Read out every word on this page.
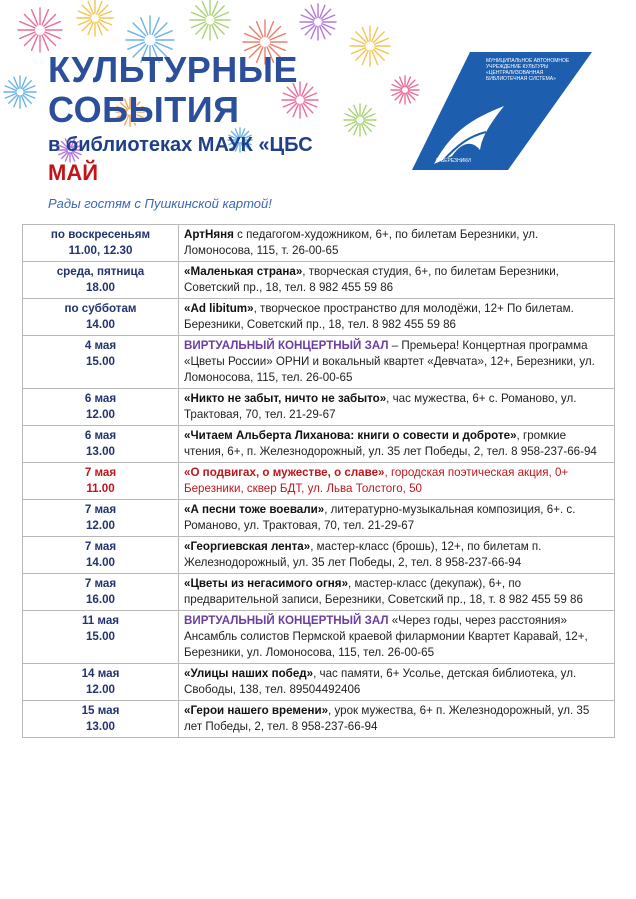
КУЛЬТУРНЫЕ
СОБЫТИЯ
в библиотеках МАУК «ЦБС
МАЙ
Рады гостям с Пушкинской картой!
МУНИЦИПАЛЬНОЕ АВТОНОМНОЕ УЧРЕЖДЕНИЕ КУЛЬТУРЫ «ЦЕНТРАЛИЗОВАННАЯ БИБЛИОТЕЧНАЯ СИСТЕМА»
Г. БЕРЕЗНИКИ
по воскресеньям
11.00, 12.30	АртНяня с педагогом-художником, 6+, по билетам Березники, ул. Ломоносова, 115, т. 26-00-65

среда, пятница
18.00	«Маленькая страна», творческая студия, 6+, по билетам Березники, Советский пр., 18, тел. 8 982 455 59 86

по субботам
14.00	«Ad libitum», творческое пространство для молодёжи, 12+ По билетам. Березники, Советский пр., 18, тел. 8 982 455 59 86

4 мая
15.00	ВИРТУАЛЬНЫЙ КОНЦЕРТНЫЙ ЗАЛ – Премьера! Концертная программа «Цветы России» ОРНИ и вокальный квартет «Девчата», 12+, Березники, ул. Ломоносова, 115, тел. 26-00-65

6 мая
12.00	«Никто не забыт, ничто не забыто», час мужества, 6+ с. Романово, ул. Трактовая, 70, тел. 21-29-67

6 мая
13.00	«Читаем Альберта Лиханова: книги о совести и доброте», громкие чтения, 6+, п. Железнодорожный, ул. 35 лет Победы, 2, тел. 8 958-237-66-94

7 мая
11.00	«О подвигах, о мужестве, о славе», городская поэтическая акция, 0+ Березники, сквер БДТ, ул. Льва Толстого, 50

7 мая
12.00	«А песни тоже воевали», литературно-музыкальная композиция, 6+. с. Романово, ул. Трактовая, 70, тел. 21-29-67

7 мая
14.00	«Георгиевская лента», мастер-класс (брошь), 12+, по билетам п. Железнодорожный, ул. 35 лет Победы, 2, тел. 8 958-237-66-94

7 мая
16.00	«Цветы из негасимого огня», мастер-класс (декупаж), 6+, по предварительной записи, Березники, Советский пр., 18, т. 8 982 455 59 86

11 мая
15.00	ВИРТУАЛЬНЫЙ КОНЦЕРТНЫЙ ЗАЛ «Через годы, через расстояния» Ансамбль солистов Пермской краевой филармонии Квартет Каравай, 12+, Березники, ул. Ломоносова, 115, тел. 26-00-65

14 мая
12.00	«Улицы наших побед», час памяти, 6+ Усолье, детская библиотека, ул. Свободы, 138, тел. 89504492406

15 мая
13.00	«Герои нашего времени», урок мужества, 6+ п. Железнодорожный, ул. 35 лет Победы, 2, тел. 8 958-237-66-94
